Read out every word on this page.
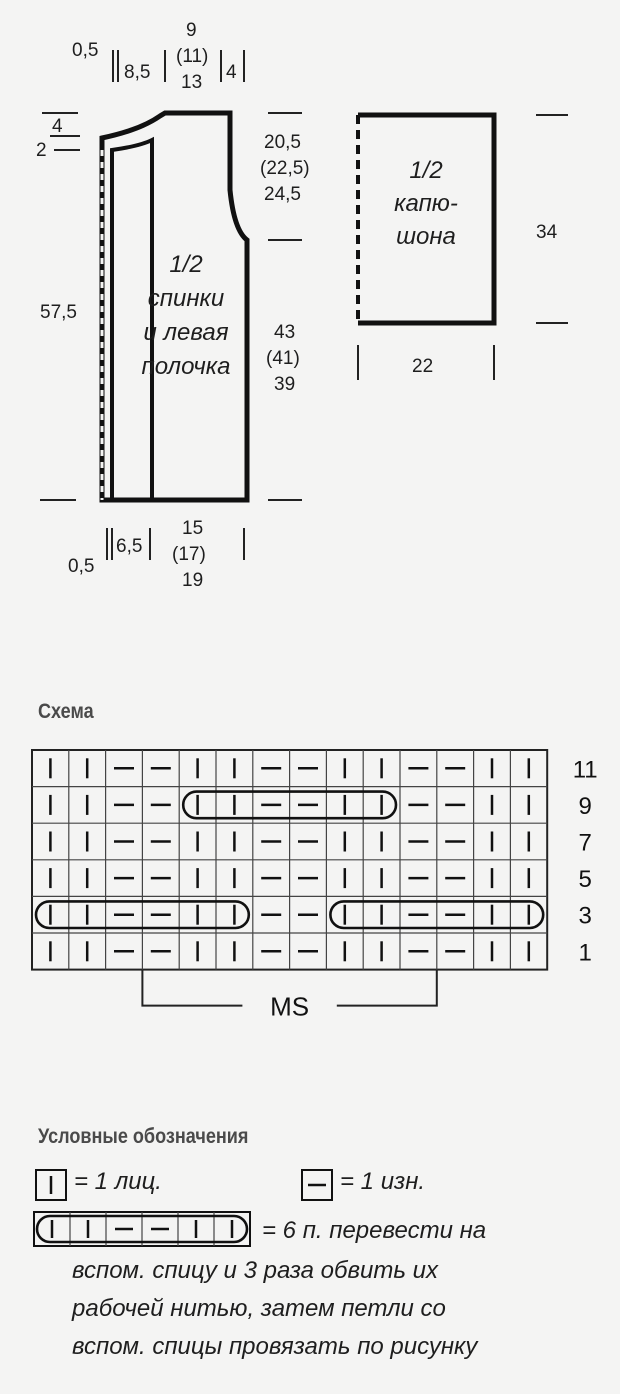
0,5
8,5
9
(11)
13 4
4
2
57,5
20,5
(22,5)
24,5
43
(41)
39
0,5
6,5
15
(17)
19
22
34
1/2
спинки
и левая
полочка
1/2
капю-
шона
11
9
7
5
3
1
MS
Схема
Условные обозначения
= 1 лиц.	= 1 изн.
= 6 п. перевести на
вспом. спицу и 3 раза обвить их
рабочей нитью, затем петли со
вспом. спицы провязать по рисунку
